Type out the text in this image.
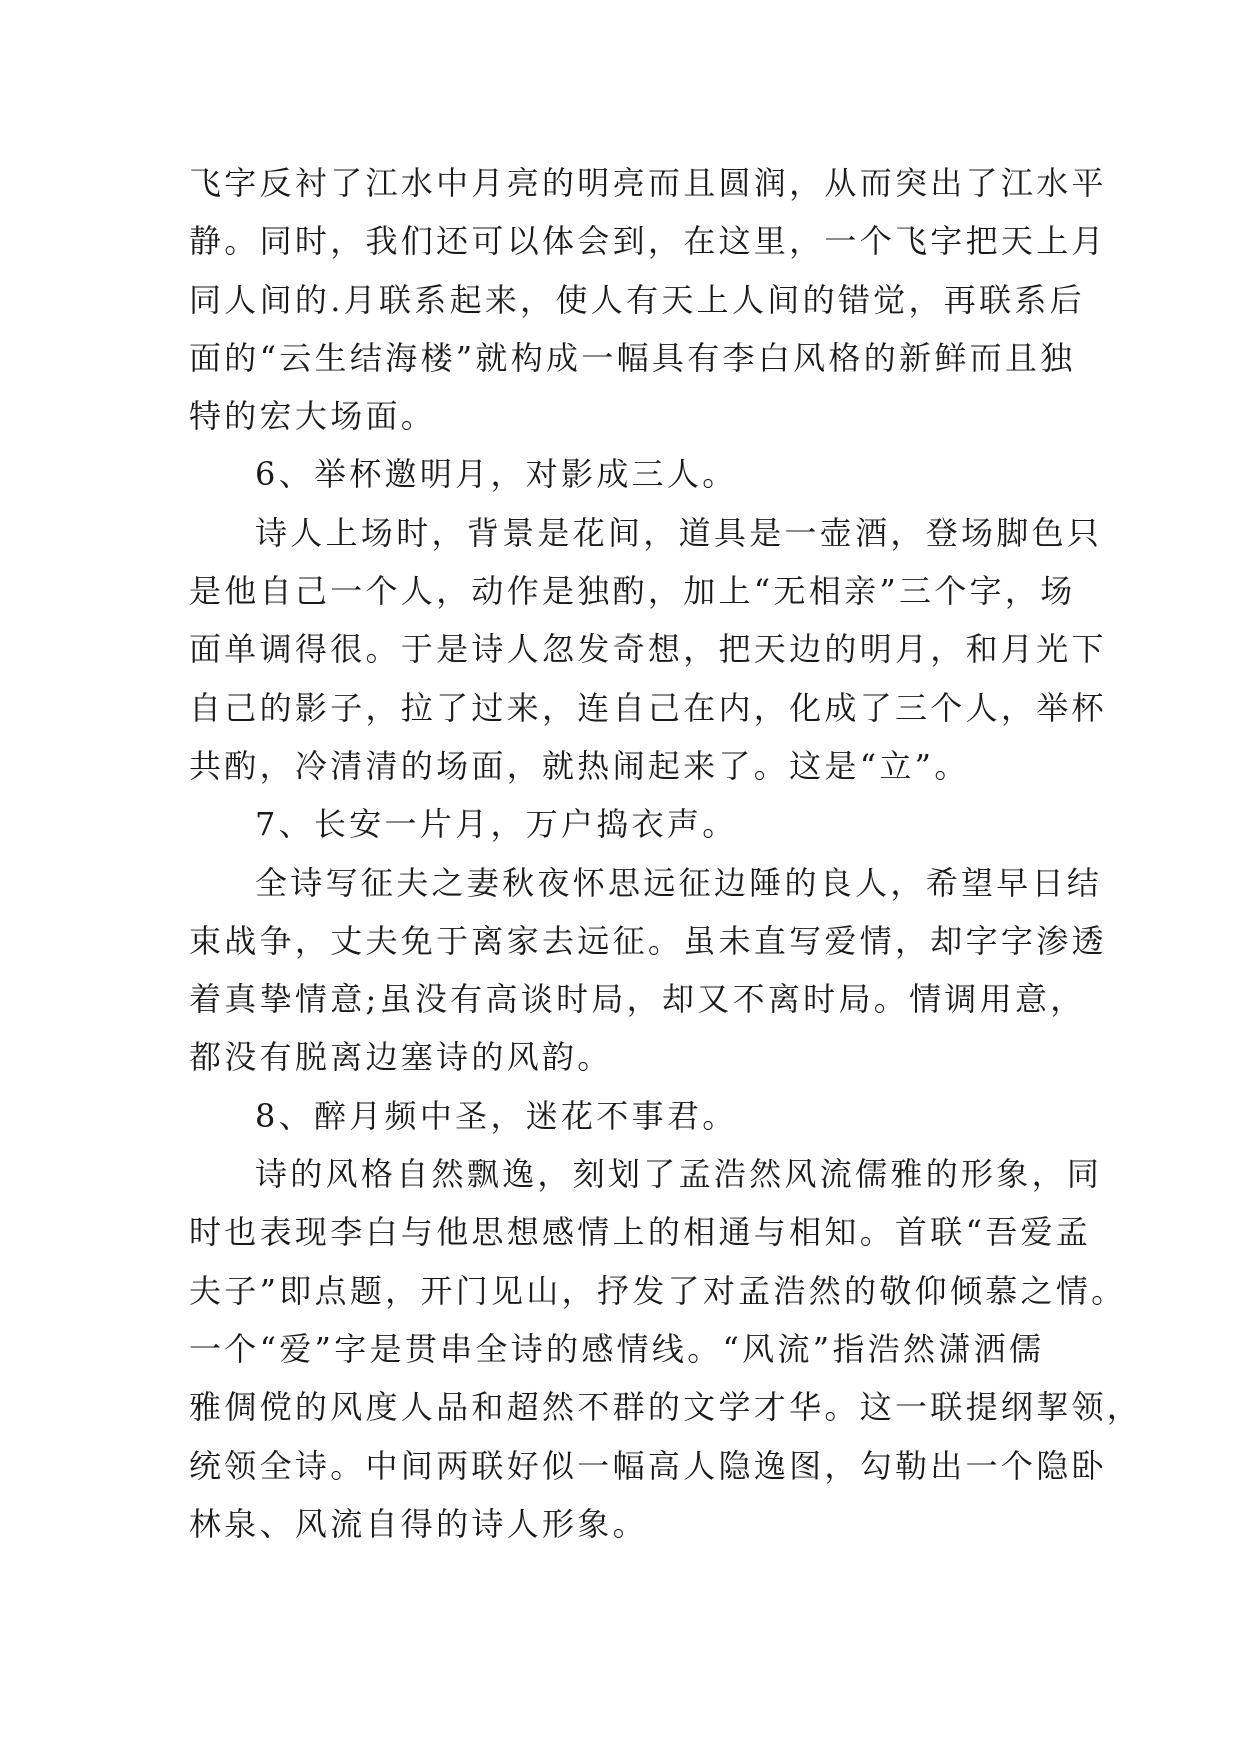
飞字反衬了江水中月亮的明亮而且圆润，从而突出了江水平
静。同时，我们还可以体会到，在这里，一个飞字把天上月
同人间的.月联系起来，使人有天上人间的错觉，再联系后
面的“云生结海楼”就构成一幅具有李白风格的新鲜而且独
特的宏大场面。

6、举杯邀明月，对影成三人。

诗人上场时，背景是花间，道具是一壶酒，登场脚色只
是他自己一个人，动作是独酌，加上“无相亲”三个字，场
面单调得很。于是诗人忽发奇想，把天边的明月，和月光下
自己的影子，拉了过来，连自己在内，化成了三个人，举杯
共酌，冷清清的场面，就热闹起来了。这是“立”。

7、长安一片月，万户捣衣声。

全诗写征夫之妻秋夜怀思远征边陲的良人，希望早日结
束战争，丈夫免于离家去远征。虽未直写爱情，却字字渗透
着真挚情意;虽没有高谈时局，却又不离时局。情调用意，
都没有脱离边塞诗的风韵。

8、醉月频中圣，迷花不事君。

诗的风格自然飘逸，刻划了孟浩然风流儒雅的形象，同
时也表现李白与他思想感情上的相通与相知。首联“吾爱孟
夫子”即点题，开门见山，抒发了对孟浩然的敬仰倾慕之情。
一个“爱”字是贯串全诗的感情线。“风流”指浩然潇洒儒
雅倜傥的风度人品和超然不群的文学才华。这一联提纲挈领，
统领全诗。中间两联好似一幅高人隐逸图，勾勒出一个隐卧
林泉、风流自得的诗人形象。
